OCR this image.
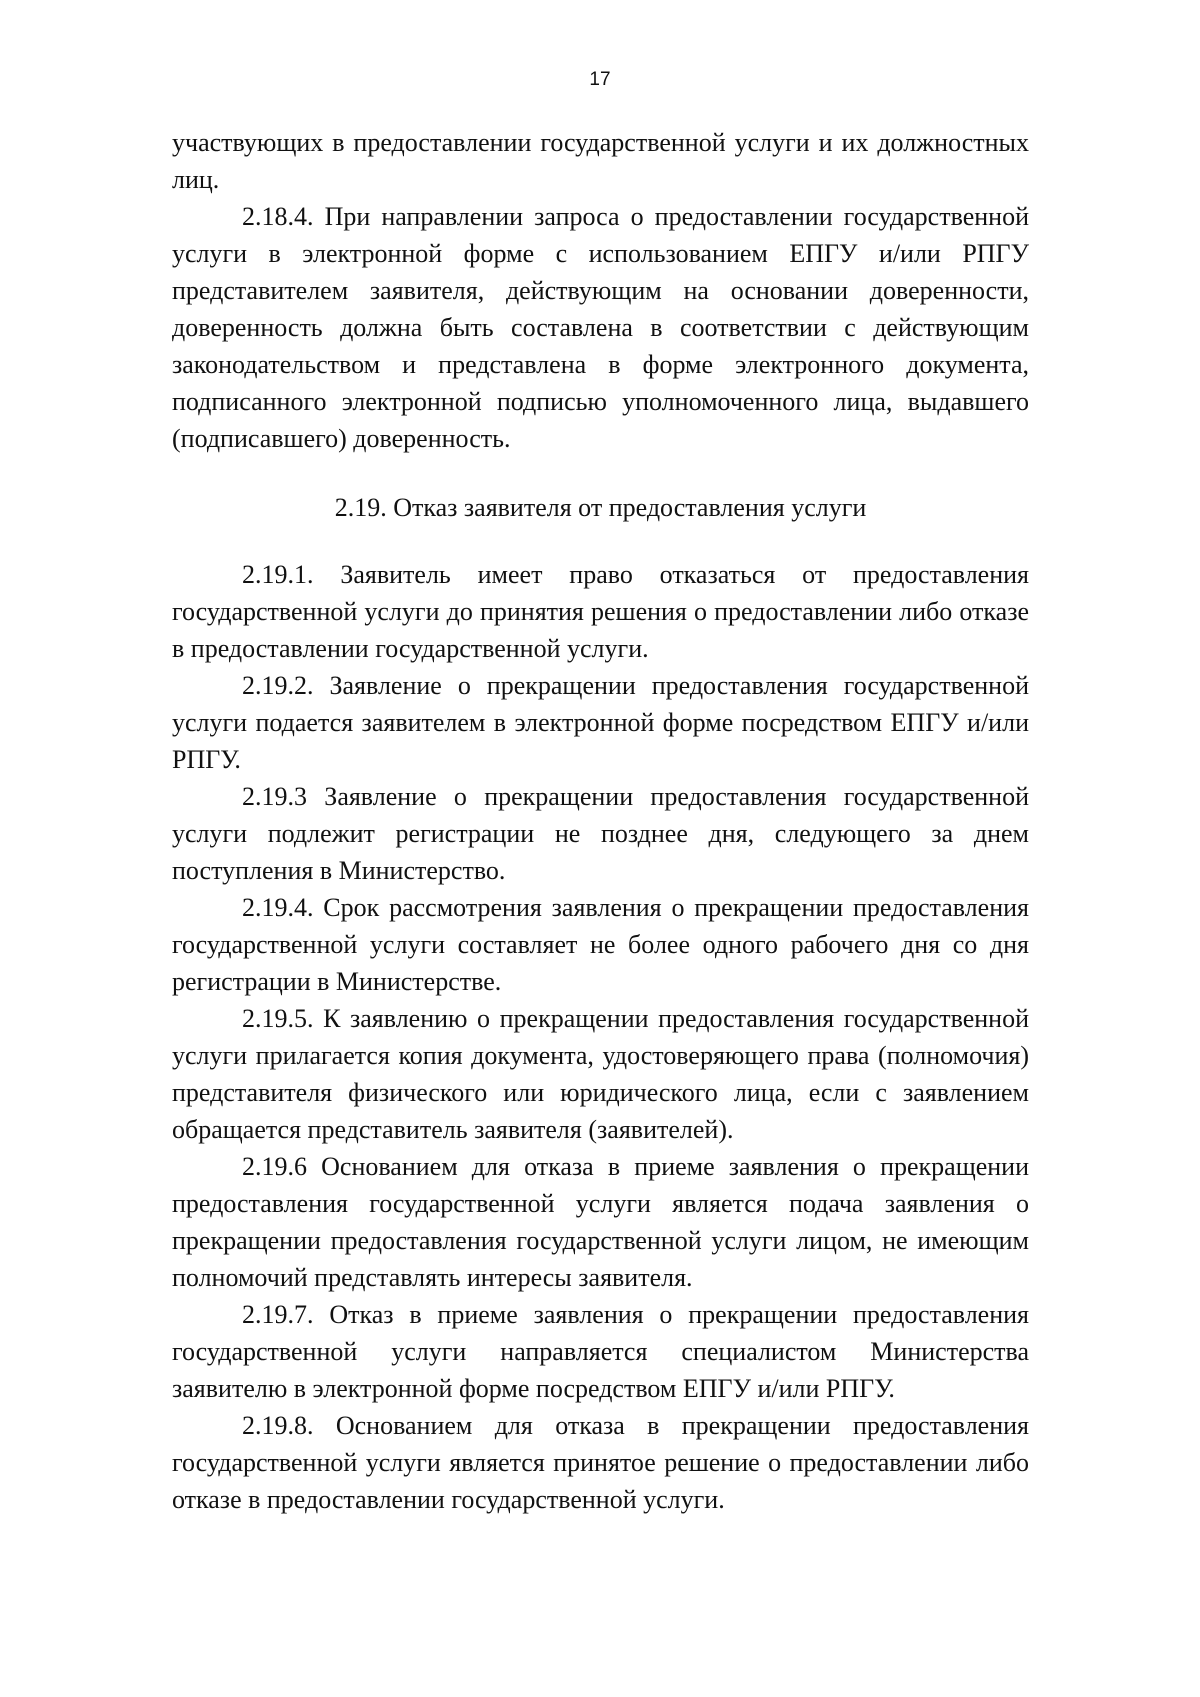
17

участвующих в предоставлении государственной услуги и их должностных лиц.

2.18.4. При направлении запроса о предоставлении государственной услуги в электронной форме с использованием ЕПГУ и/или РПГУ представителем заявителя, действующим на основании доверенности, доверенность должна быть составлена в соответствии с действующим законодательством и представлена в форме электронного документа, подписанного электронной подписью уполномоченного лица, выдавшего (подписавшего) доверенность.

2.19. Отказ заявителя от предоставления услуги

2.19.1. Заявитель имеет право отказаться от предоставления государственной услуги до принятия решения о предоставлении либо отказе в предоставлении государственной услуги.

2.19.2. Заявление о прекращении предоставления государственной услуги подается заявителем в электронной форме посредством ЕПГУ и/или РПГУ.

2.19.3 Заявление о прекращении предоставления государственной услуги подлежит регистрации не позднее дня, следующего за днем поступления в Министерство.

2.19.4. Срок рассмотрения заявления о прекращении предоставления государственной услуги составляет не более одного рабочего дня со дня регистрации в Министерстве.

2.19.5. К заявлению о прекращении предоставления государственной услуги прилагается копия документа, удостоверяющего права (полномочия) представителя физического или юридического лица, если с заявлением обращается представитель заявителя (заявителей).

2.19.6 Основанием для отказа в приеме заявления о прекращении предоставления государственной услуги является подача заявления о прекращении предоставления государственной услуги лицом, не имеющим полномочий представлять интересы заявителя.

2.19.7. Отказ в приеме заявления о прекращении предоставления государственной услуги направляется специалистом Министерства заявителю в электронной форме посредством ЕПГУ и/или РПГУ.

2.19.8. Основанием для отказа в прекращении предоставления государственной услуги является принятое решение о предоставлении либо отказе в предоставлении государственной услуги.
